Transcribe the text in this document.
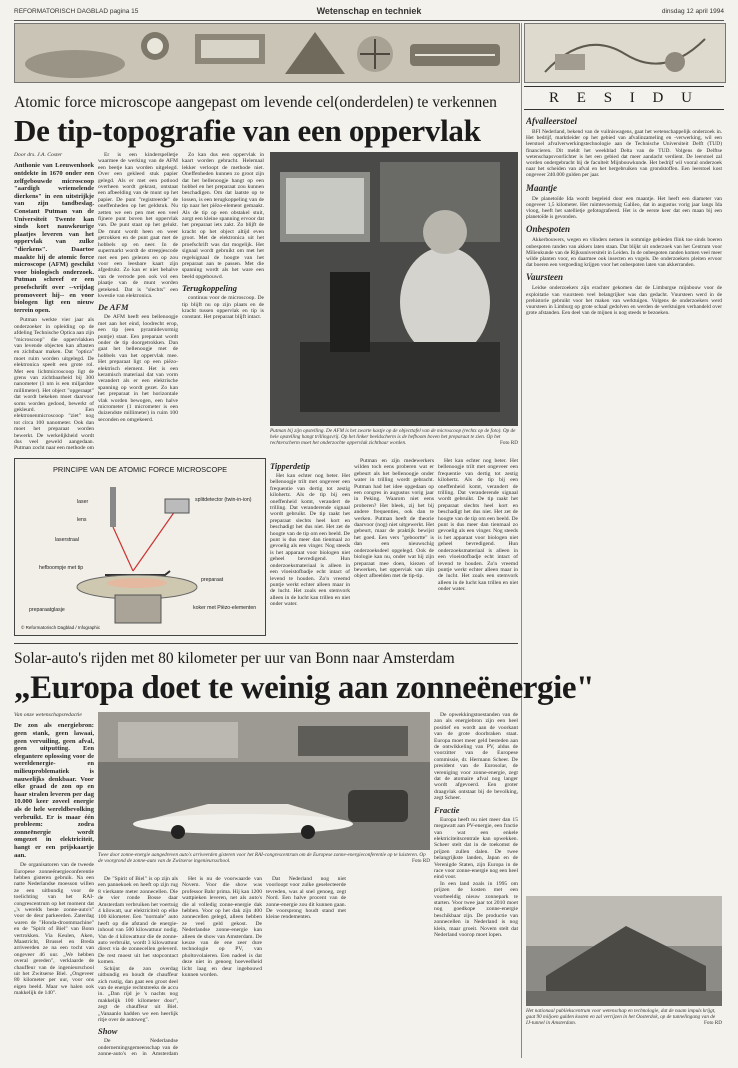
REFORMATORISCH DAGBLAD pagina 15	Wetenschap en techniek	dinsdag 12 april 1994
R E S I D U
Atomic force microscope aangepast om levende cel(onderdelen) te verkennen
De tip-topografie van een oppervlak

Door drs. J.A. Coster

Anthonie van Leeuwenhoek ontdekte in 1670 onder een zelfgebouwde microscoop "aardigh wriemelende dierkens" in een uitstrijkje van zijn tandbeslag. Constant Putman van de Universiteit Twente kan sinds kort nauwkeurige plaatjes leveren van het oppervlak van zulke "dierkens". Daartoe maakte hij de atomic force microscope (AFM) geschikt voor biologisch onderzoek. Putman schreef er een proefschrift over --vrijdag promoveert hij-- en voor biologen ligt een nieuw terrein open.

Putman werkte vier jaar als onderzoeker in opleiding op de afdeling Technische Optica aan zijn "microscoop" die oppervlakken van levende objecten kan aftasten en zichtbaar maken. Dat "optica" moet ruim worden uitgelegd. De elektronica speelt een grote rol. Met een lichtmicroscoop ligt de grens van zichtbaarheid bij 300 nanometer (1 nm is een miljardste millimeter). Het object "opgeraapt" dat wordt bekeken moet daarvoor soms worden gedood, bewerkt of gekleurd. Een elektronenmicroscoop "ziet" nog tot circa 100 nanometer. Ook dan moet het preparaat worden bewerkt. De werkelijkheid wordt dus veel geweld aangedaan. Putman zocht naar een methode om

Er is een kinderspelletje waarmee de werking van de AFM een beetje kan worden uitgelegd. Over een gekleed stuk papier gelegd. Als er met een potlood overheen wordt gekrast, ontstaat een afbeelding van de munt op het papier. De punt "registreerde" de oneffenheden op het geldstuk. Nu zetten we een pen met een veel fijnere punt boven het oppervlak van. De punt staat op het gelukt. De munt wordt heen en weer getrokken en de punt gaat met de hobbels op en neer. In de supermarkt wordt de streepjescode met een pen gelezen en op zou voor een leesbare kaart zijn afgedrukt. Zo kan er niet behalve van de verrode pen ook vol een plaatje van de munt worden getekend. Dat is "slechts" een kwestie van elektronica.

De AFM

De AFM heeft een bellenoogje met aan het eind, loodrecht erop, een tip (een pyramidevormig puntje) staat. Een preparaat wordt onder de tip doorgetrokken. Dan gaat het bellenoogje met de hobbels van het oppervlak mee. Het preparaat ligt op een piëzo-elektrisch element. Het is een keramisch materiaal dat van vorm verandert als er een elektrische spanning op wordt gezet. Zo kan het preparaat in het horizontale vlak worden bewogen, een halve micrometer (1 micrometer is een duizendste millimeter) in ruim 100 seconden en omgekeerd.

Zo kan dus een oppervlak in kaart worden gebracht. Helemaal lekker verloopt de methode niet. Oneffenheden kunnen zo groot zijn dat het bellenoogje hangt op een hobbel en het preparaat zou kunnen beschadigen. Om dat laatste op te lossen, is een terugkoppeling van de tip naar het piëzo-element gemaakt. Als de tip op een obstakel stuit, zorgt een kleine spanning ervoor dat het preparaat iets zakt. Zo blijft de kracht op het object altijd even groot. Met de elektronica uit het proefschrift was dat mogelijk. Het signaal wordt gebruikt om met het regelsignaal de hoogte van het preparaat aan te passen. Met die spanning wordt als het ware een beeld opgebouwd.

Terugkoppeling

continuu voor de microscoop. De tip blijft nu op zijn plaats en de kracht tussen oppervlak en tip is constant. Het preparaat blijft intact.

Putman bij zijn opstelling. De AFM is het zwarte kastje op de objecttafel van de microscoop (rechts op de foto). Op de hele opstelling hangt trillingsvrij. Op het linker beeldscherm is de hefboom boven het preparaat te zien. Op het rechterscherm moet het onderzochte oppervlak zichtbaar worden.	Foto RD

Tipperdetip

Het kan echter nog beter. Het bellenoogje trilt met ongeveer een frequentie van dertig tot zestig kilohertz. Als de tip bij een oneffenheid komt, verandert de trilling. Dat veranderende signaal wordt gebruikt. De tip raakt het preparaat slechts heel kort en beschadigt het dus niet. Het zet de hoogte van de tip om een beeld. De punt is dus meer dan tienmaal zo gevoelig als een vinger. Nog steeds is het apparaat voor biologen niet geheel bevredigend. Hun onderzoeksmateriaal is alleen in een vloeistofbadje echt intact of levend te houden. Zo'n vreemd puntje werkt echter alleen maar in de lucht. Het zoals een stemvork alleen in de lucht kan trillen en niet onder water.

Putman en zijn medewerkers wilden toch eens proberen wat er gebeurt als het bellenoogje onder water in trilling wordt gebracht. Putman had het idee opgedaan op een congres in augustus vorig jaar in Peking. Waarom niet eens proberen? Het bleek, zij het bij andere frequenties, ook dan te werken. Putman heeft de theorie daarvoor (nog) niet uitgewerkt. Het gebeurt, maar de praktijk bewijst het goed. Een vers "geboortte" is dan een nieuwschig onderzoeksdeel opgelegd. Ook de biologie kan nu, onder wat hij zijn preparaat mee doen, kiezen of bewerken, het opperviak van zijn object afbeelden met de tip-tip.

Het kan echter nog beter. Het bellenoogje trilt met ongeveer een frequentie van dertig tot zestig kilohertz. Als de tip bij een oneffenheid komt, verandert de trilling. Dat veranderende signaal wordt gebruikt. De tip raakt het preparaat slechts heel kort en beschadigt het dus niet. Het zet de hoogte van de tip om een beeld. De punt is dus meer dan tienmaal zo gevoelig als een vinger. Nog steeds is het apparaat voor biologen niet geheel bevredigend. Hun onderzoeksmateriaal is alleen in een vloeistofbadje echt intact of levend te houden. Zo'n vreemd puntje werkt echter alleen maar in de lucht. Het zoals een stemvork alleen in de lucht kan trillen en niet onder water.

PRINCIPE VAN DE ATOMIC FORCE MICROSCOPE
laser
lens
laserstraal
hefboompje met tip
splitdetector (twin-in-ion)
preparaat
preparaatglasje	koker met Piëzo-elementen
© Reformatorisch Dagblad / Infographic
Solar-auto's rijden met 80 kilometer per uur van Bonn naar Amsterdam
„Europa doet te weinig aan zonneënergie"

Van onze wetenschapsredactie

De zon als energiebron: geen stank, geen lawaai, geen vervuiling, geen afval, geen uitputting. Een elegantere oplossing voor de wereldenergie- en milieuproblematiek is nauwelijks denkbaar. Voor elke graad de zon op en haar stralen leveren per dag 10.000 keer zoveel energie als de hele wereldbevolking verbruikt. Er is maar één probleem: zodra zonneënergie wordt omgezet in elektriciteit, hangt er een prijskaartje aan.

De organisatoren van de tweede Europese zonneënergieconferentie hebben gisteren gebruik. Na een natte Nederlandse moesson willen ze een uitbundig voor de toelichting van het RAI-congrescentrum op het moment dat „'s werelds beste zonne-auto's" voor de deur parkeerden. Zaterdag waren de "Honda-droommachine" en de "Spirit of Biel" van Bonn vertrokken. Via Keulen, Aken, Maastricht, Brussel en Breda arriveerden ze na een tocht van ongeveer 46 uur. „We hebben overal gereden", verklaarde de chauffeur van de ingenieurschool uit het Zwitserse Biel. „Ongeveer 80 kilometer per uur, voor ons eigen beeld. Maar we halen ook makkelijk de 140".

Twee door zonne-energie aangedreven auto's arriveerden gisteren voor het RAI-congrescentrum om de Europese zonne-energieconferentie op te luisteren. Op de voorgrond de zonne-auto van de Zwitserse ingenieursschool.	Foto RD

De "Spirit of Biel" is op zijn als een pannekoek en heeft op zijn rug 8 vierkante meter zonnecellen. Die de vier ronde Bosse daar Amsterdam verbruiken het voertuig 4 kilowatt, uur elektriciteit op elke 100 kilometer. Een "normale" auto heeft op die afstand de energie-inhoud van 500 kilowattuur nodig. Van de 4 kilowattuur die de zonne-auto verbruikt, wordt 3 kilowattuur direct via de zonnecellen geleverd. De rest moest uit het stopcontact komen.

Schijnt de zon overdag uitbundig en houdt de chauffeur zich rustig, dan gaat een groot deel van de energie rechtstreeks de accu in. „Dan rijd je 's nachts nog makkelijk 100 kilometer door", zegt de chauffeur uit Biel. „Vanaanlo hadden we een heerlijk ritje over de autoweg".

Show

De Nederlandse ondernemingsgemeenschap van de zonne-auto's en in Amsterdam

Het is nu de voorwaarde van Novem. Voor die show was professor Bahr prima. Hij kan 1200 wattpieken leveren, net als auto's die al volledig zonne-energie dak hebben. Voor op het dak zijn 400 zonnecellen gelegd, alleen hebben ze veel geld gekost. De Nederlandse zonne-energie kan alleen de show van Amsterdam. De keuze van de ene zeer dure technologie op PV, van pholtovolaieren. Een nadeel is dat deze niet in genoeg hoeveelheid licht laag en deur ingebouwd kunnen worden.

Dat Nederland nog niet voorloopt voor zulke geselecteerde tevreden, was al snel genoeg, zegt Nord. Een halve procent van de zonne-energie zou dit kunnen gaan. De voorsprong houdt stand met kleine rendementen.

De opwekkingstoestanden van de zon als energiebron zijn een heel positief en wordt aan de voorkant van de grote doorbraken staat. Europa moet meer geld besteden aan de ontwikkeling van PV, aldus de voorzitter van de Europese commissie, dr. Hermann Scheer. De president van de Eurosolar, de vereniging voor zonne-energie, zegt dat de atomaire afval nog langer wordt afgevoerd. Een groter draagvlak ontstaat bij de bevolking, zegt Scheer.

Fractie

Europa heeft nu niet meer dan 15 megawatt aan PV-energie, een fractie van wat een enkele elektriciteitscentrale kan opwekken. Scheer stelt dat in de toekomst de prijzen zullen dalen. De twee belangrijkste landen, Japan en de Verenigde Staten, zijn Europa in de race voor zonne-energie nog een heel eind voor.

In een land zoals in 1995 om prijzen de kosten met een voorbeeldig nieuw zonnepark te starten. Voor twee jaar tot 2010 moet nog goedkope zonne-energie beschikbaar zijn. De productie van zonnecellen in Nederland is nog klein, maar groeit. Novem stelt dat Nederland voorop moet lopen.

Afvalleerstoel

BFI Nederland, bekend van de vuilniswagens, gaat het wetenschappelijk onderzoek in. Het bedrijf, marktleider op het gebied van afvalinzameling en -verwerking, wil een leerstoel afvalverwerkingstechnologie aan de Technische Universiteit Delft (TUD) financieren. Dit meldt het weekblad Delta van de TUD. Volgens de Delftse wetenschapsvoorlichter is het een gebied dat meer aandacht verdient. De leerstoel zal worden ondergebracht bij de faculteit Mijnbouwkunde. Het bedrijf wil vooral onderzoek naar het scheiden van afval en het hergebruiken van grondstoffen. Een leerstoel kost ongeveer 240.000 gulden per jaar.

Maantje

De planetoïde Ida wordt begeleid door een maantje. Het heeft een diameter van ongeveer 1,5 kilometer. Het ruimtevoertuig Galileo, dat in augustus vorig jaar langs Ida vloog, heeft het satellietje gefotografeerd. Het is de eerste keer dat een maan bij een planetoïde is gevonden.

Onbespoten

Akkerbouwers, wegen en vlinders nemen in sommige gebieden flink toe sinds boeren onbespoten randen van akkers laten staan. Dat blijkt uit onderzoek van het Centrum voor Milieukunde van de Rijksuniversiteit in Leiden. In de onbespoten randen komen veel meer wilde planten voor, en daarmee ook insecten en vogels. De onderzoekers pleiten ervoor dat boeren een vergoeding krijgen voor het onbespoten laten van akkerranden.

Vaursteen

Leidse onderzoekers zijn erachter gekomen dat de Limburgse mijnbouw voor de exploitatie van vuursteen veel belangrijker was dan gedacht. Vuursteen werd in de prehistorie gebruikt voor het maken van werktuigen. Volgens de onderzoekers werd vuursteen in Limburg op grote schaal gedolven en werden de werktuigen verhandeld over grote afstanden. Een deel van de mijnen is nog steeds te bezoeken.

Het nationaal publiekscentrum voor wetenschap en technologie, dat de naam impuls krijgt, gaat 90 miljoen gulden kosten en zal verrijzen in het Oosterdok, op de tunnelingang van de IJ-tunnel in Amsterdam.	Foto RD
